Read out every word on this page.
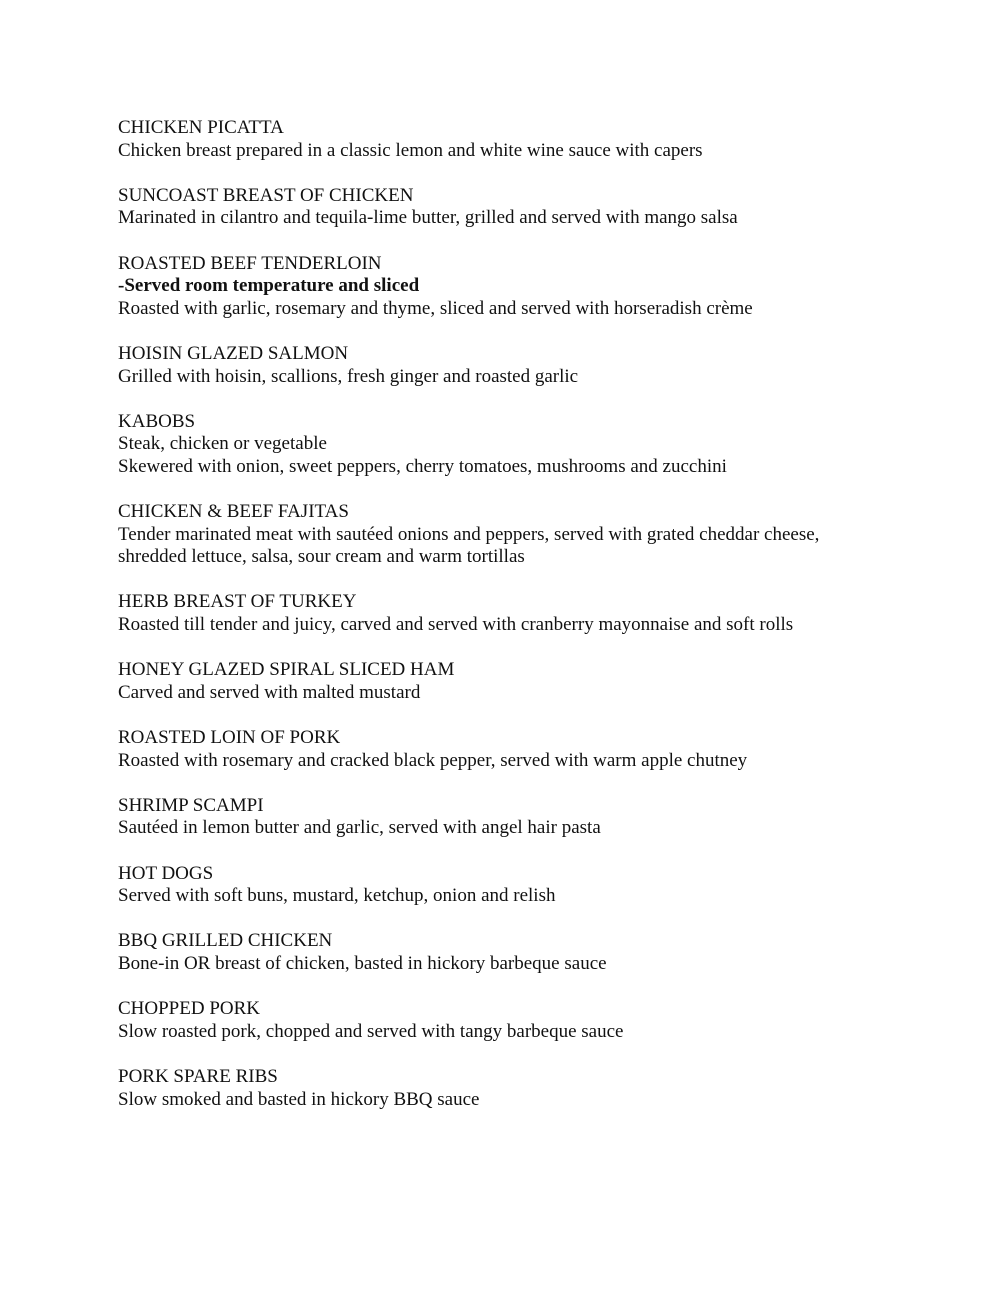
CHICKEN PICATTA
Chicken breast prepared in a classic lemon and white wine sauce with capers
SUNCOAST BREAST OF CHICKEN
Marinated in cilantro and tequila-lime butter, grilled and served with mango salsa
ROASTED BEEF TENDERLOIN
-Served room temperature and sliced
Roasted with garlic, rosemary and thyme, sliced and served with horseradish crème
HOISIN GLAZED SALMON
Grilled with hoisin, scallions, fresh ginger and roasted garlic
KABOBS
Steak, chicken or vegetable
Skewered with onion, sweet peppers, cherry tomatoes, mushrooms and zucchini
CHICKEN & BEEF FAJITAS
Tender marinated meat with sautéed onions and peppers, served with grated cheddar cheese,
shredded lettuce, salsa, sour cream and warm tortillas
HERB BREAST OF TURKEY
Roasted till tender and juicy, carved and served with cranberry mayonnaise and soft rolls
HONEY GLAZED SPIRAL SLICED HAM
Carved and served with malted mustard
ROASTED LOIN OF PORK
Roasted with rosemary and cracked black pepper, served with warm apple chutney
SHRIMP SCAMPI
Sautéed in lemon butter and garlic, served with angel hair pasta
HOT DOGS
Served with soft buns, mustard, ketchup, onion and relish
BBQ GRILLED CHICKEN
Bone-in OR breast of chicken, basted in hickory barbeque sauce
CHOPPED PORK
Slow roasted pork, chopped and served with tangy barbeque sauce
PORK SPARE RIBS
Slow smoked and basted in hickory BBQ sauce
